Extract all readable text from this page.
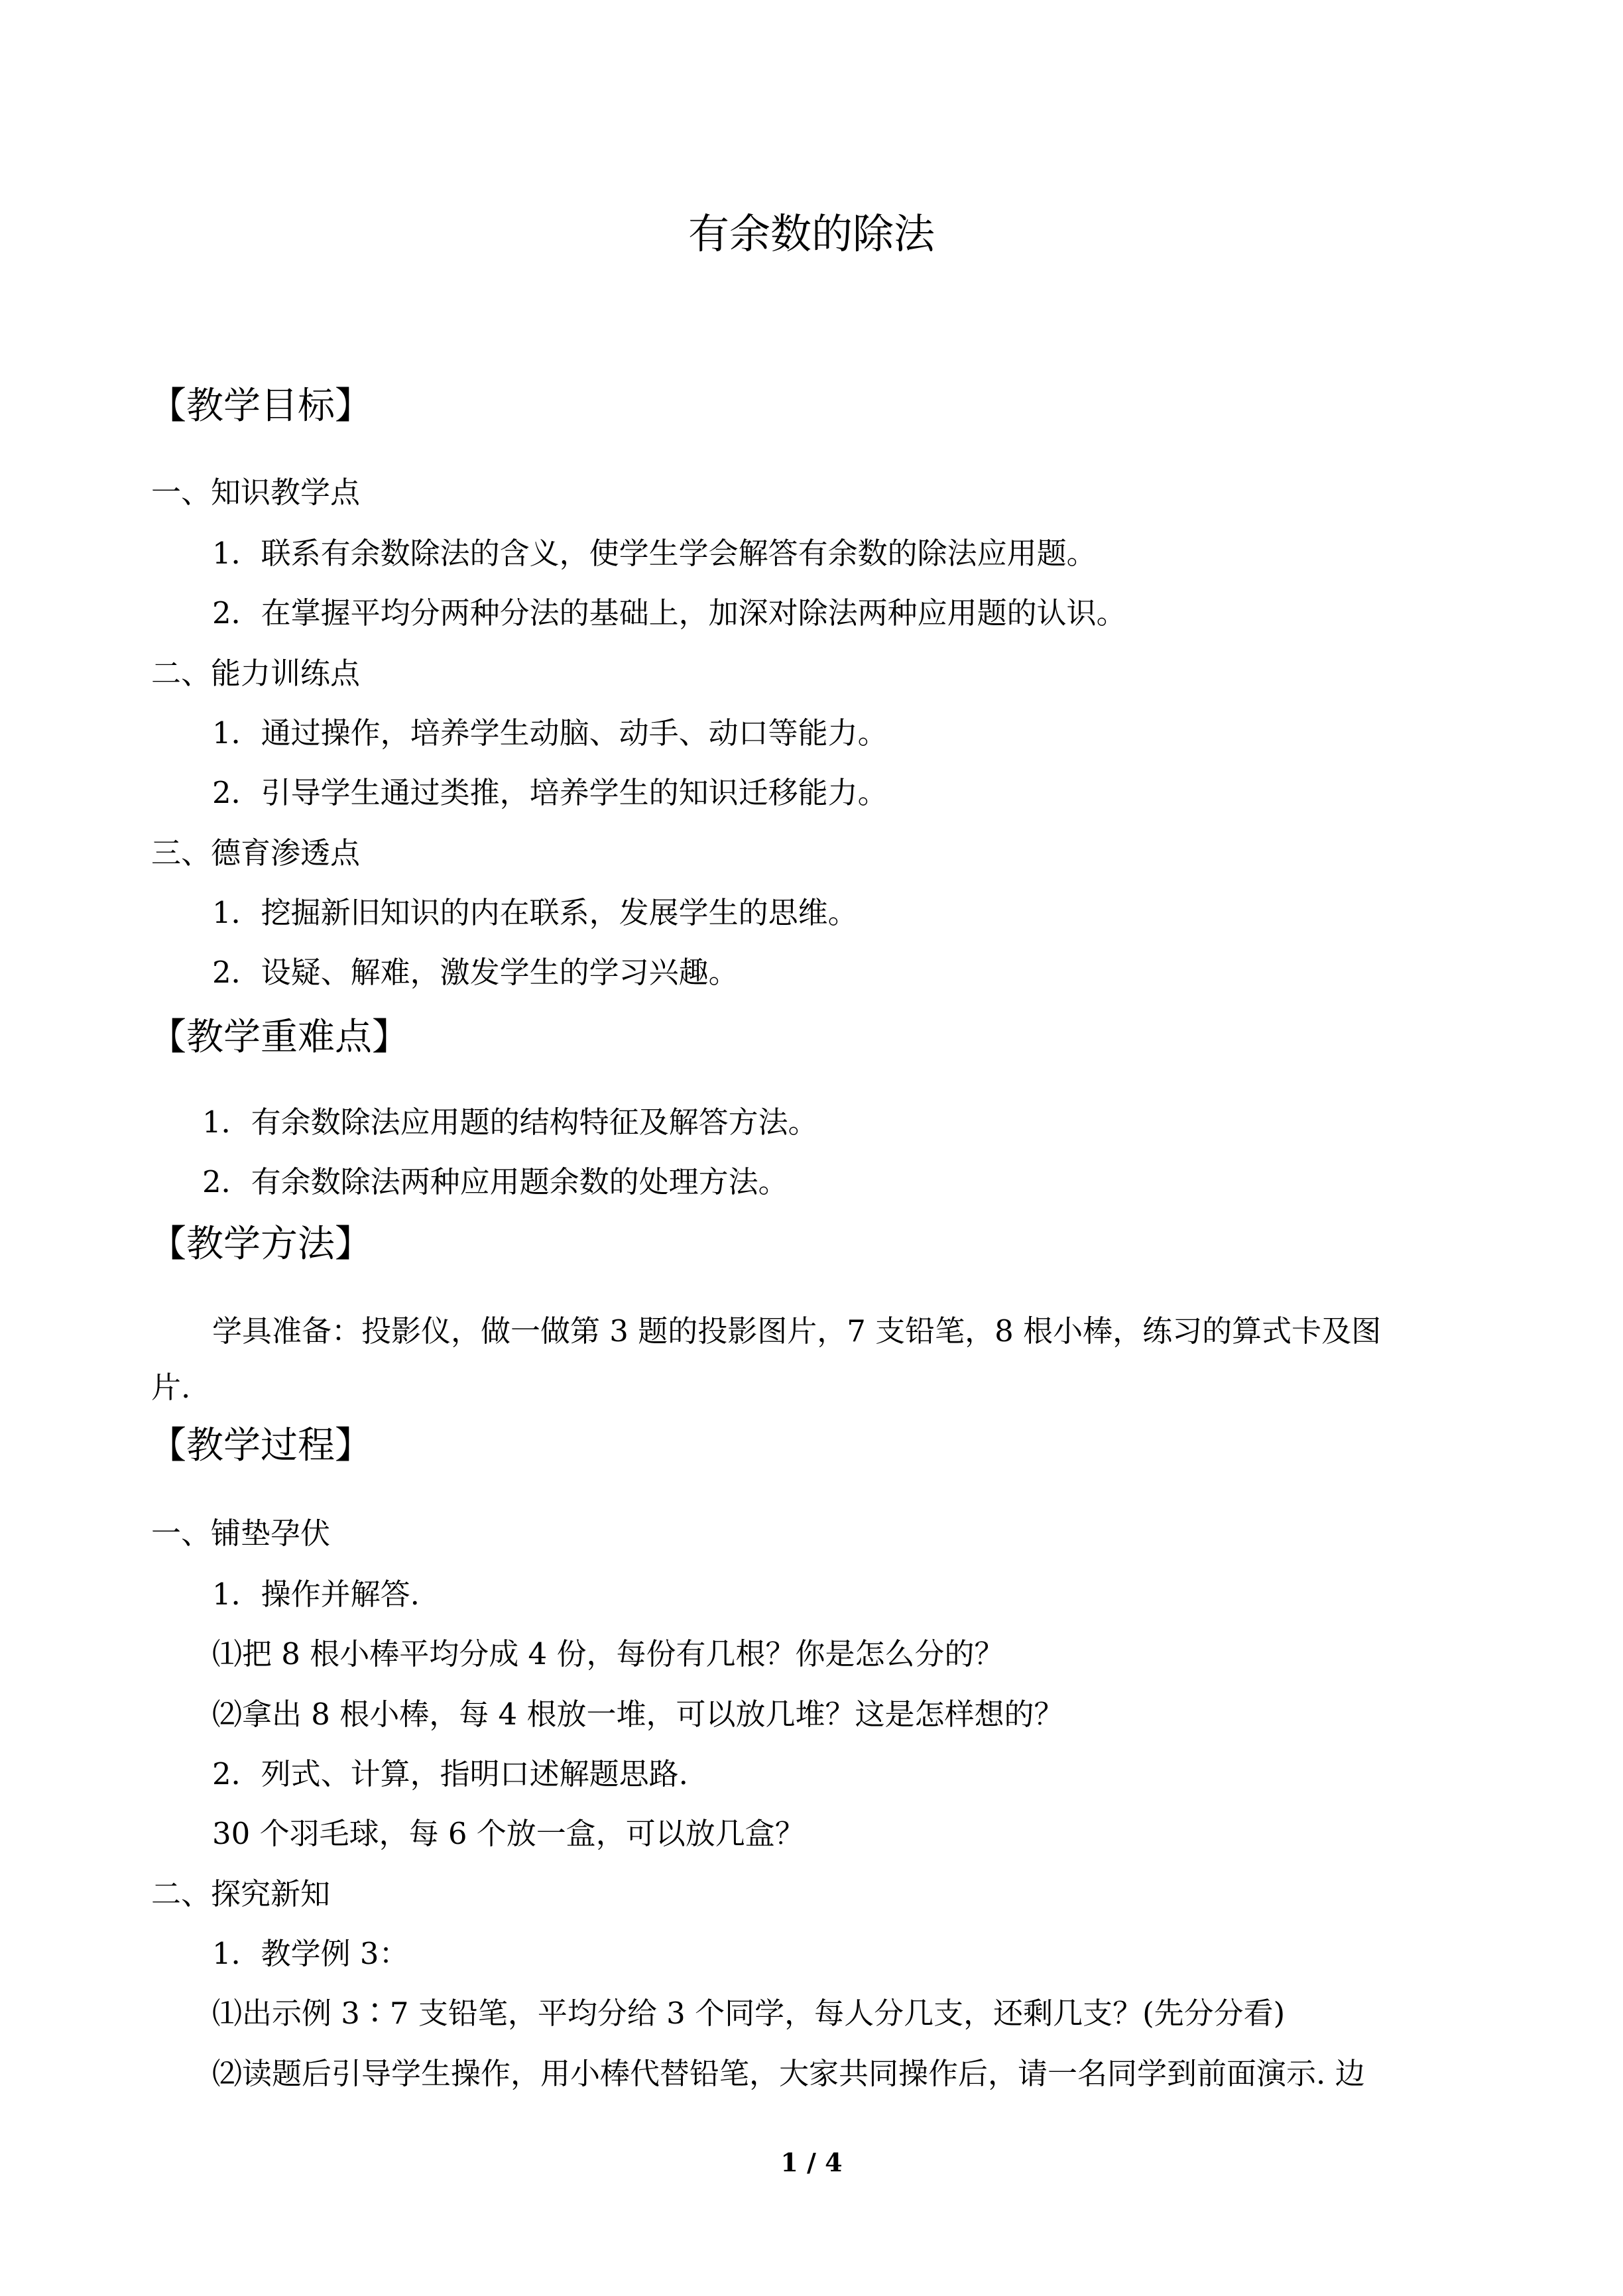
有余数的除法
【教学目标】
一、知识教学点
1．联系有余数除法的含义，使学生学会解答有余数的除法应用题。
2．在掌握平均分两种分法的基础上，加深对除法两种应用题的认识。
二、能力训练点
1．通过操作，培养学生动脑、动手、动口等能力。
2．引导学生通过类推，培养学生的知识迁移能力。
三、德育渗透点
1．挖掘新旧知识的内在联系，发展学生的思维。
2．设疑、解难，激发学生的学习兴趣。
【教学重难点】
1．有余数除法应用题的结构特征及解答方法。
2．有余数除法两种应用题余数的处理方法。
【教学方法】
学具准备：投影仪，做一做第 3 题的投影图片，7 支铅笔，8 根小棒，练习的算式卡及图
片.
【教学过程】
一、铺垫孕伏
1．操作并解答.
⑴把 8 根小棒平均分成 4 份，每份有几根？你是怎么分的？
⑵拿出 8 根小棒，每 4 根放一堆，可以放几堆？这是怎样想的？
2．列式、计算，指明口述解题思路.
30 个羽毛球，每 6 个放一盒，可以放几盒？
二、探究新知
1．教学例 3：
⑴出示例 3∶7 支铅笔，平均分给 3 个同学，每人分几支，还剩几支？(先分分看)
⑵读题后引导学生操作，用小棒代替铅笔，大家共同操作后，请一名同学到前面演示. 边
1 / 4
